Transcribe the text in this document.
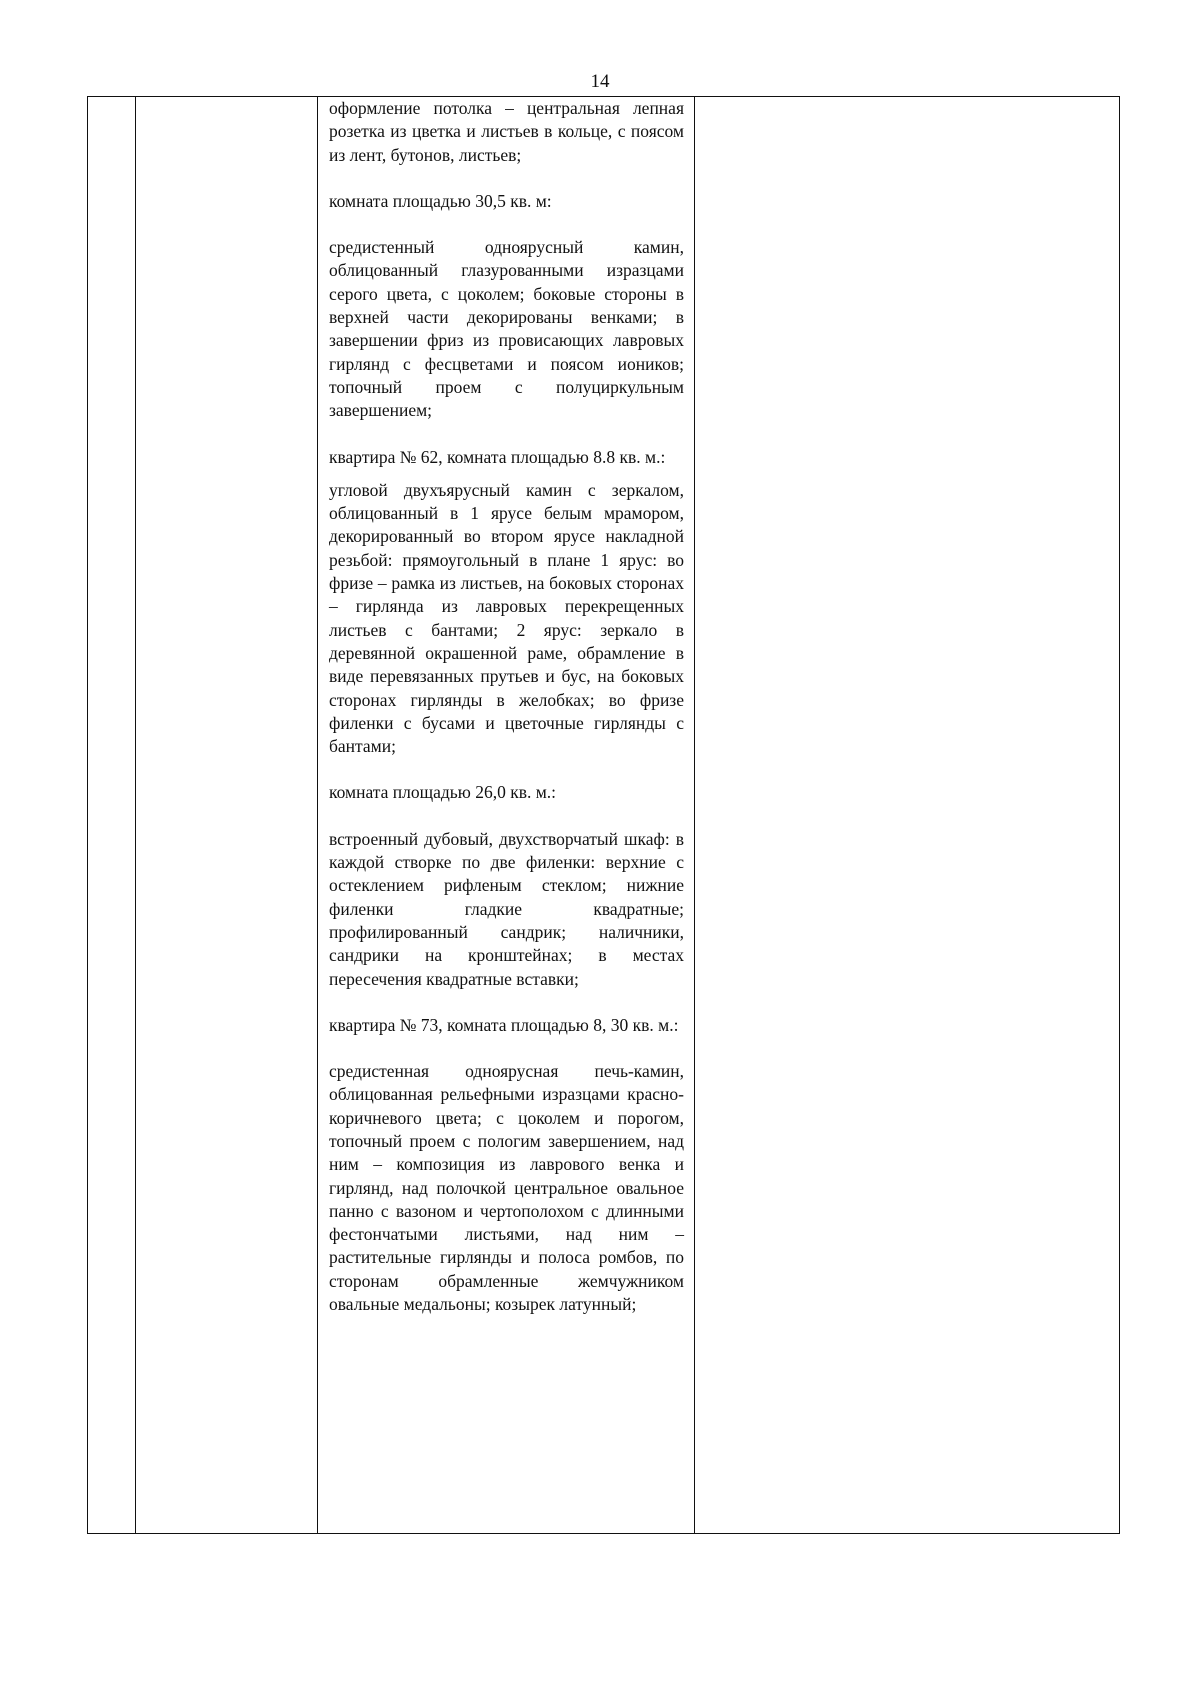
14

оформление потолка – центральная лепная розетка из цветка и листьев в кольце, с поясом из лент, бутонов, листьев;

комната площадью 30,5 кв. м:

средистенный одноярусный камин, облицованный глазурованными изразцами серого цвета, с цоколем; боковые стороны в верхней части декорированы венками; в завершении фриз из провисающих лавровых гирлянд с фесцветами и поясом иоников; топочный проем с полуциркульным завершением;

квартира № 62, комната площадью 8.8 кв. м.:

угловой двухъярусный камин с зеркалом, облицованный в 1 ярусе белым мрамором, декорированный во втором ярусе накладной резьбой: прямоугольный в плане 1 ярус: во фризе – рамка из листьев, на боковых сторонах – гирлянда из лавровых перекрещенных листьев с бантами; 2 ярус: зеркало в деревянной окрашенной раме, обрамление в виде перевязанных прутьев и бус, на боковых сторонах гирлянды в желобках; во фризе филенки с бусами и цветочные гирлянды с бантами;

комната площадью 26,0 кв. м.:

встроенный дубовый, двухстворчатый шкаф: в каждой створке по две филенки: верхние с остеклением рифленым стеклом; нижние филенки гладкие квадратные; профилированный сандрик; наличники, сандрики на кронштейнах; в местах пересечения квадратные вставки;

квартира № 73, комната площадью 8, 30 кв. м.:

средистенная одноярусная печь-камин, облицованная рельефными изразцами красно-коричневого цвета; с цоколем и порогом, топочный проем с пологим завершением, над ним – композиция из лаврового венка и гирлянд, над полочкой центральное овальное панно с вазоном и чертополохом с длинными фестончатыми листьями, над ним – растительные гирлянды и полоса ромбов, по сторонам обрамленные жемчужником овальные медальоны; козырек латунный;
